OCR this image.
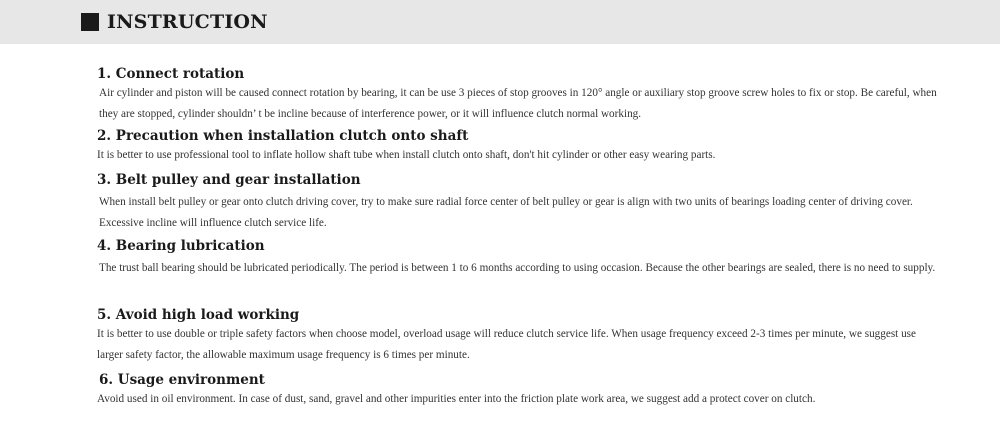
INSTRUCTION
1. Connect rotation
Air cylinder and piston will be caused connect rotation by bearing, it can be use 3 pieces of stop grooves in 120° angle or auxiliary stop groove screw holes to fix or stop. Be careful, when they are stopped, cylinder shouldn’ t be incline because of interference power, or it will influence clutch normal working.
2. Precaution when installation clutch onto shaft
It is better to use professional tool to inflate hollow shaft tube when install clutch onto shaft, don't hit cylinder or other easy wearing parts.
3. Belt pulley and gear installation
When install belt pulley or gear onto clutch driving cover, try to make sure radial force center of belt pulley or gear is align with two units of bearings loading center of driving cover. Excessive incline will influence clutch service life.
4. Bearing lubrication
The trust ball bearing should be lubricated periodically. The period is between 1 to 6 months according to using occasion. Because the other bearings are sealed, there is no need to supply.
5. Avoid high load working
It is better to use double or triple safety factors when choose model, overload usage will reduce clutch service life. When usage frequency exceed 2-3 times per minute, we suggest use larger safety factor, the allowable maximum usage frequency is 6 times per minute.
6. Usage environment
Avoid used in oil environment. In case of dust, sand, gravel and other impurities enter into the friction plate work area, we suggest add a protect cover on clutch.
